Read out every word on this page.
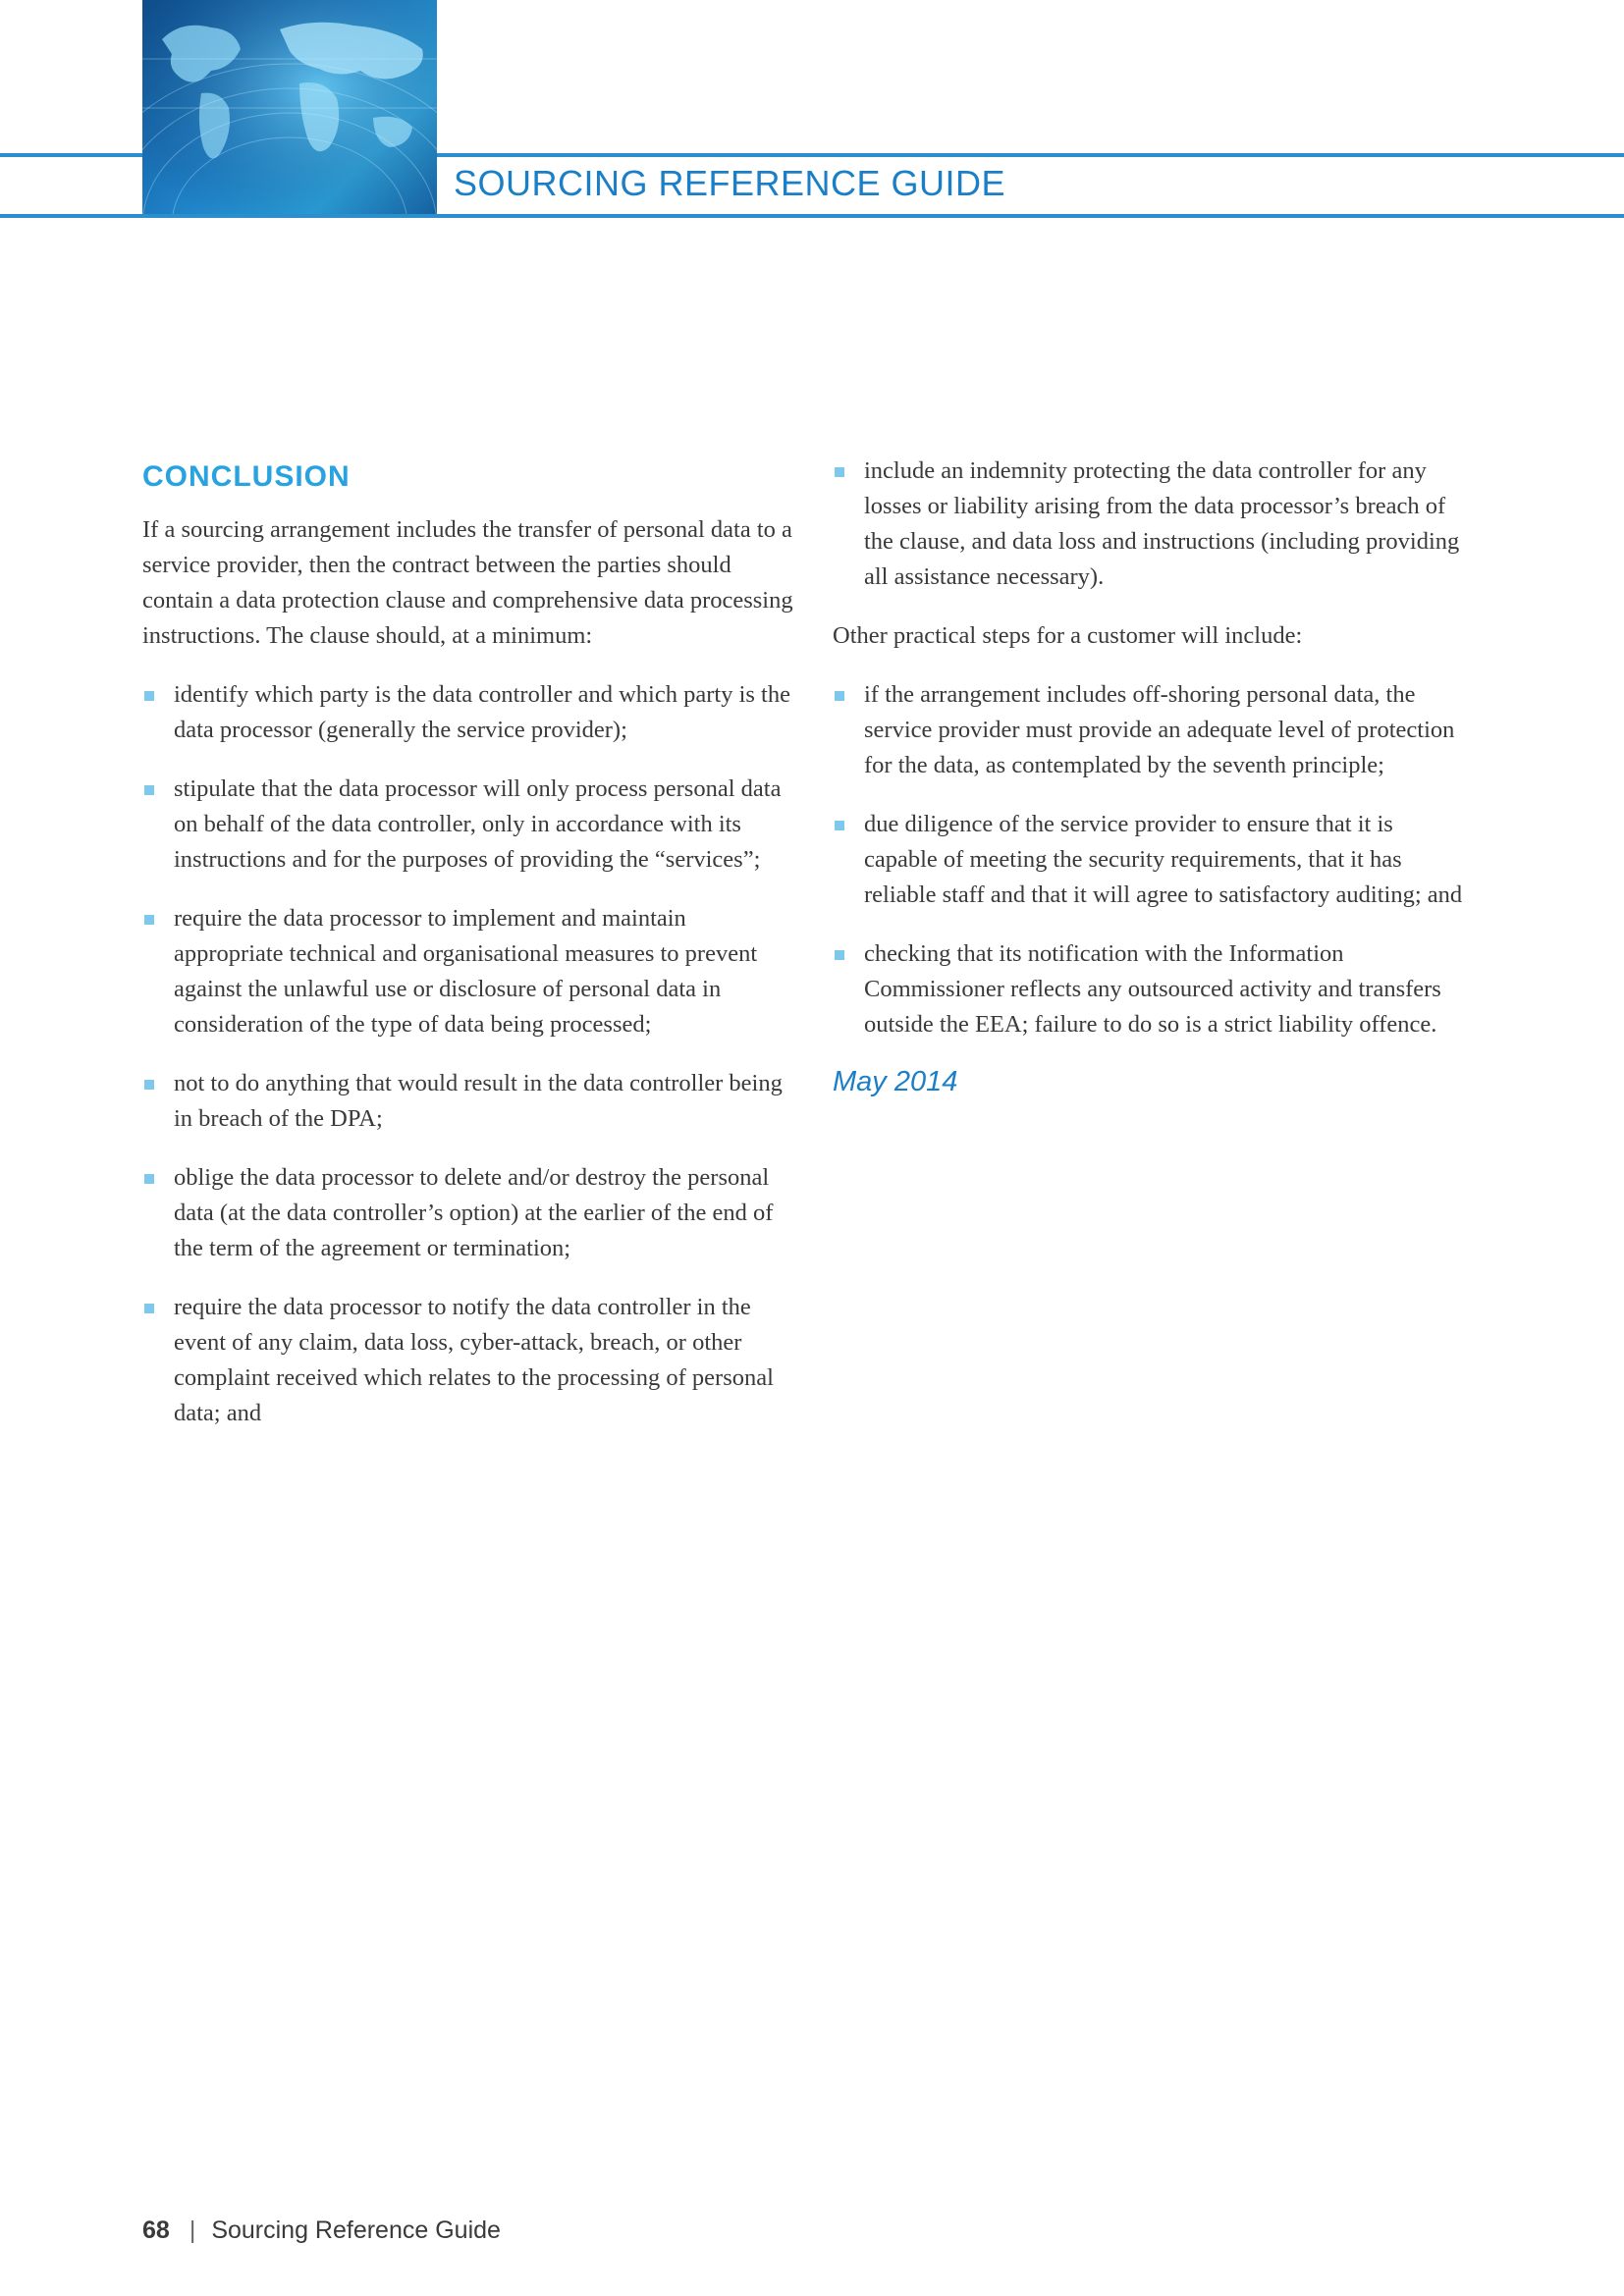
SOURCING REFERENCE GUIDE
CONCLUSION

If a sourcing arrangement includes the transfer of personal data to a service provider, then the contract between the parties should contain a data protection clause and comprehensive data processing instructions. The clause should, at a minimum:

identify which party is the data controller and which party is the data processor (generally the service provider);
stipulate that the data processor will only process personal data on behalf of the data controller, only in accordance with its instructions and for the purposes of providing the “services”;
require the data processor to implement and maintain appropriate technical and organisational measures to prevent against the unlawful use or disclosure of personal data in consideration of the type of data being processed;
not to do anything that would result in the data controller being in breach of the DPA;
oblige the data processor to delete and/or destroy the personal data (at the data controller’s option) at the earlier of the end of the term of the agreement or termination;
require the data processor to notify the data controller in the event of any claim, data loss, cyber-attack, breach, or other complaint received which relates to the processing of personal data; and
include an indemnity protecting the data controller for any losses or liability arising from the data processor’s breach of the clause, and data loss and instructions (including providing all assistance necessary).

Other practical steps for a customer will include:

if the arrangement includes off-shoring personal data, the service provider must provide an adequate level of protection for the data, as contemplated by the seventh principle;
due diligence of the service provider to ensure that it is capable of meeting the security requirements, that it has reliable staff and that it will agree to satisfactory auditing; and
checking that its notification with the Information Commissioner reflects any outsourced activity and transfers outside the EEA; failure to do so is a strict liability offence.
May 2014
68 | Sourcing Reference Guide
